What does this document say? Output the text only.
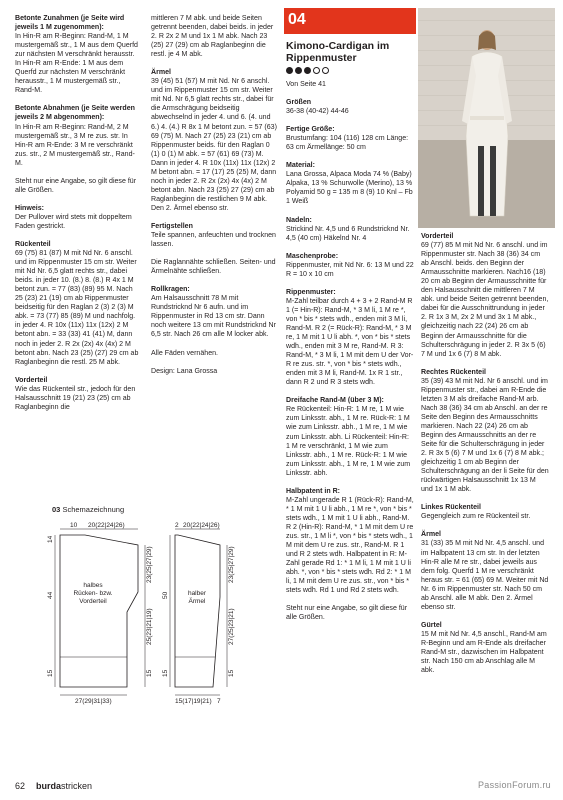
Betonte Zunahmen (je Seite wird jeweils 1 M zugenommen):
In Hin-R am R-Beginn: Rand-M, 1 M mustergemäß str., 1 M aus dem Querfd zur nächsten M verschränkt herausstr. In Hin-R am R-Ende: 1 M aus dem Querfd zur nächsten M verschränkt herausstr., 1 M mustergemäß str., Rand-M.

Betonte Abnahmen (je Seite werden jeweils 2 M abgenommen):
In Hin-R am R-Beginn: Rand-M, 2 M mustergemäß str., 3 M re zus. str. In Hin-R am R-Ende: 3 M re verschränkt zus. str., 2 M mustergemäß str., Rand-M.

Steht nur eine Angabe, so gilt diese für alle Größen.

Hinweis:
Der Pullover wird stets mit doppeltem Faden gestrickt.

Rückenteil
69 (75) 81 (87) M mit Nd Nr. 6 anschl. und im Rippenmuster 15 cm str. Weiter mit Nd Nr. 6,5 glatt rechts str., dabei beids. in jeder 10. (8.) 8. (8.) R 4x 1 M betont zun. = 77 (83) (89) 95 M. Nach 25 (23) 21 (19) cm ab Rippenmuster beidseitig für den Raglan 2 (3) 2 (3) M abk. = 73 (77) 85 (89) M und nachfolg. in jeder 4. R 10x (11x) 11x (12x) 2 M betont abn. = 33 (33) 41 (41) M, dann noch in jeder 2. R 2x (2x) 4x (4x) 2 M betont abn. Nach 23 (25) (27) 29 cm ab Raglanbeginn die restl. 25 M abk.

Vorderteil
Wie das Rückenteil str., jedoch für den Halsausschnitt 19 (21) 23 (25) cm ab Raglanbeginn die

mittleren 7 M abk. und beide Seiten getrennt beenden, dabei beids. in jeder 2. R 2x 2 M und 1x 1 M abk. Nach 23 (25) 27 (29) cm ab Raglanbeginn die restl. je 4 M abk.

Ärmel
39 (45) 51 (57) M mit Nd. Nr 6 anschl. und im Rippenmuster 15 cm str. Weiter mit Nd. Nr 6,5 glatt rechts str., dabei für die Armschrägung beidseitig abwechselnd in jeder 4. und 6. (4. und 6.) 4. (4.) R 8x 1 M betont zun. = 57 (63) 69 (75) M. Nach 27 (25) 23 (21) cm ab Rippenmuster beids. für den Raglan 0 (1) 0 (1) M abk. = 57 (61) 69 (73) M. Dann in jeder 4. R 10x (11x) 11x (12x) 2 M betont abn. = 17 (17) 25 (25) M, dann noch in jeder 2. R 2x (2x) 4x (4x) 2 M betont abn. Nach 23 (25) 27 (29) cm ab Raglanbeginn die restlichen 9 M abk. Den 2. Ärmel ebenso str.

Fertigstellen
Teile spannen, anfeuchten und trocknen lassen.

Die Raglannähte schließen. Seiten- und Ärmelnähte schließen.

Rollkragen:
Am Halsausschnitt 78 M mit Rundstricknd Nr 6 aufn. und im Rippenmuster in Rd 13 cm str. Dann noch weitere 13 cm mit Rundstricknd Nr 6,5 str. Nach 26 cm alle M locker abk.

Alle Fäden vernähen.

Design: Lana Grossa

04
Kimono-Cardigan im Rippenmuster

Von Seite 41

Größen
36-38 (40-42) 44-46

Fertige Größe:
Brustumfang: 104 (116) 128 cm Länge: 63 cm Ärmellänge: 50 cm

Material:
Lana Grossa, Alpaca Moda 74 % (Baby) Alpaka, 13 % Schurwolle (Merino), 13 % Polyamid 50 g = 135 m 8 (9) 10 Knl – Fb 1 Weiß

Nadeln:
Strickind Nr. 4,5 und 6 Rundstricknd Nr. 4,5 (40 cm) Häkelnd Nr. 4

Maschenprobe:
Rippenmuster, mit Nd Nr. 6: 13 M und 22 R = 10 x 10 cm

Rippenmuster:
M-Zahl teilbar durch 4 + 3 + 2 Rand-M R 1 (= Hin-R): Rand-M, * 3 M li, 1 M re *, von * bis * stets wdh., enden mit 3 M li, Rand-M. R 2 (= Rück-R): Rand-M, * 3 M re, 1 M mit 1 U li abh. *, von * bis * stets wdh., enden mit 3 M re, Rand-M. R 3: Rand-M, * 3 M li, 1 M mit dem U der Vor-R re zus. str. *, von * bis * stets wdh., enden mit 3 M li, Rand-M. 1x R 1 str., dann R 2 und R 3 stets wdh.

Dreifache Rand-M (über 3 M):
Re Rückenteil: Hin-R: 1 M re, 1 M wie zum Linksstr. abh., 1 M re. Rück-R: 1 M wie zum Linksstr. abh., 1 M re, 1 M wie zum Linksstr. abh. Li Rückenteil: Hin-R: 1 M re verschränkt, 1 M wie zum Linksstr. abh., 1 M re. Rück-R: 1 M wie zum Linksstr. abh., 1 M re, 1 M wie zum Linksstr. abh.

Halbpatent in R:
M-Zahl ungerade R 1 (Rück-R): Rand-M, * 1 M mit 1 U li abh., 1 M re *, von * bis * stets wdh., 1 M mit 1 U li abh., Rand-M. R 2 (Hin-R): Rand-M, * 1 M mit dem U re zus. str., 1 M li *, von * bis * stets wdh., 1 M mit dem U re zus. str., Rand-M. R 1 und R 2 stets wdh. Halbpatent in R: M-Zahl gerade Rd 1: * 1 M li, 1 M mit 1 U li abh. *, von * bis * stets wdh. Rd 2: * 1 M li, 1 M mit dem U re zus. str., von * bis * stets wdh. Rd 1 und Rd 2 stets wdh.

Steht nur eine Angabe, so gilt diese für alle Größen.

Vorderteil
69 (77) 85 M mit Nd Nr. 6 anschl. und im Rippenmuster str. Nach 38 (36) 34 cm ab Anschl. beids. den Beginn der Armausschnitte markieren. Nach16 (18) 20 cm ab Beginn der Armausschnitte für den Halsausschnitt die mittleren 7 M abk. und beide Seiten getrennt beenden, dabei für die Ausschnittrundung in jeder 2. R 1x 3 M, 2x 2 M und 3x 1 M abk., gleichzeitig nach 22 (24) 26 cm ab Beginn der Armausschnitte für die Schulterschrägung in jeder 2. R 3x 5 (6) 7 M und 1x 6 (7) 8 M abk.

Rechtes Rückenteil
35 (39) 43 M mit Nd. Nr 6 anschl. und im Rippenmuster str., dabei am R-Ende die letzten 3 M als dreifache Rand-M arb. Nach 38 (36) 34 cm ab Anschl. an der re Seite den Beginn des Armausschnitts markieren. Nach 22 (24) 26 cm ab Beginn des Armausschnitts an der re Seite für die Schulterschrägung in jeder 2. R 3x 5 (6) 7 M und 1x 6 (7) 8 M abk.; gleichzeitig 1 cm ab Beginn der Schulterschrägung an der li Seite für den rückwärtigen Halsausschnitt 1x 13 M und 1x 1 M abk.

Linkes Rückenteil
Gegengleich zum re Rückenteil str.

Ärmel
31 (33) 35 M mit Nd Nr. 4,5 anschl. und im Halbpatent 13 cm str. In der letzten Hin-R alle M re str., dabei jeweils aus dem folg. Querfd 1 M re verschränkt heraus str. = 61 (65) 69 M. Weiter mit Nd Nr. 6 im Rippenmuster str. Nach 50 cm ab Anschl. alle M abk. Den 2. Ärmel ebenso str.

Gürtel
15 M mit Nd Nr. 4,5 anschl., Rand-M am R-Beginn und am R-Ende als dreifacher Rand-M str., dazwischen im Halbpatent str. Nach 150 cm ab Anschlag alle M abk.

03 Schemazeichnung
10 20(22|24|26)
14
44
15
23(25|27|29)
25(23|21|19)
15
halbes
Rücken- bzw.
Vorderteil
27(29|31|33)
2 20(22|24|26)
50
15
23(25|27|29)
27(25|23|21)
15
halber
Ärmel
15(17|19|21) 7
62 burdastricken	PassionForum.ru
